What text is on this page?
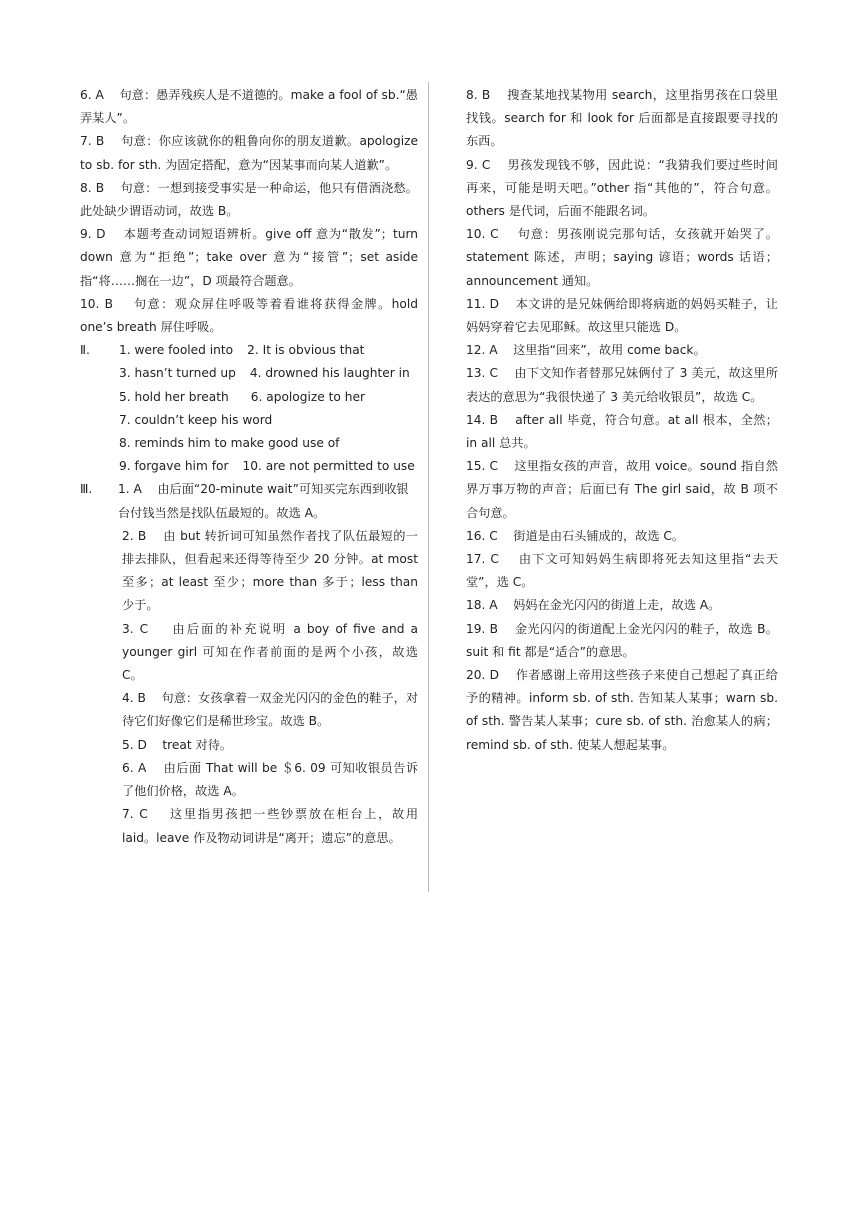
6. A 句意：愚弄残疾人是不道德的。make a fool of sb.“愚弄某人”。
7. B 句意：你应该就你的粗鲁向你的朋友道歉。apologize to sb. for sth. 为固定搭配，意为“因某事而向某人道歉”。
8. B 句意：一想到接受事实是一种命运，他只有借酒浇愁。此处缺少谓语动词，故选 B。
9. D 本题考查动词短语辨析。give off 意为“散发”；turn down 意为“拒绝”；take over 意为“接管”；set aside 指“将……搁在一边”，D 项最符合题意。
10. B 句意：观众屏住呼吸等着看谁将获得金牌。hold one’s breath 屏住呼吸。
Ⅱ. 1. were fooled into 2. It is obvious that
3. hasn’t turned up 4. drowned his laughter in
5. hold her breath 6. apologize to her
7. couldn’t keep his word
8. reminds him to make good use of
9. forgave him for 10. are not permitted to use
Ⅲ. 1. A 由后面“20-minute wait”可知买完东西到收银台付钱当然是找队伍最短的。故选 A。
2. B 由 but 转折词可知虽然作者找了队伍最短的一排去排队，但看起来还得等待至少 20 分钟。at most 至多；at least 至少；more than 多于；less than 少于。
3. C 由后面的补充说明 a boy of five and a younger girl 可知在作者前面的是两个小孩，故选 C。
4. B 句意：女孩拿着一双金光闪闪的金色的鞋子，对待它们好像它们是稀世珍宝。故选 B。
5. D treat 对待。
6. A 由后面 That will be ＄6. 09 可知收银员告诉了他们价格，故选 A。
7. C 这里指男孩把一些钞票放在柜台上，故用 laid。leave 作及物动词讲是“离开；遗忘”的意思。
8. B 搜查某地找某物用 search，这里指男孩在口袋里找钱。search for 和 look for 后面都是直接跟要寻找的东西。
9. C 男孩发现钱不够，因此说：“我猜我们要过些时间再来，可能是明天吧。”other 指“其他的”，符合句意。others 是代词，后面不能跟名词。
10. C 句意：男孩刚说完那句话，女孩就开始哭了。statement 陈述，声明；saying 谚语；words 话语；announcement 通知。
11. D 本文讲的是兄妹俩给即将病逝的妈妈买鞋子，让妈妈穿着它去见耶稣。故这里只能选 D。
12. A 这里指“回来”，故用 come back。
13. C 由下文知作者替那兄妹俩付了 3 美元，故这里所表达的意思为“我很快递了 3 美元给收银员”，故选 C。
14. B after all 毕竟，符合句意。at all 根本，全然；in all 总共。
15. C 这里指女孩的声音，故用 voice。sound 指自然界万事万物的声音；后面已有 The girl said，故 B 项不合句意。
16. C 街道是由石头铺成的，故选 C。
17. C 由下文可知妈妈生病即将死去知这里指“去天堂”，选 C。
18. A 妈妈在金光闪闪的街道上走，故选 A。
19. B 金光闪闪的街道配上金光闪闪的鞋子，故选 B。suit 和 fit 都是“适合”的意思。
20. D 作者感谢上帝用这些孩子来使自己想起了真正给予的精神。inform sb. of sth. 告知某人某事；warn sb. of sth. 警告某人某事；cure sb. of sth. 治愈某人的病；remind sb. of sth. 使某人想起某事。
